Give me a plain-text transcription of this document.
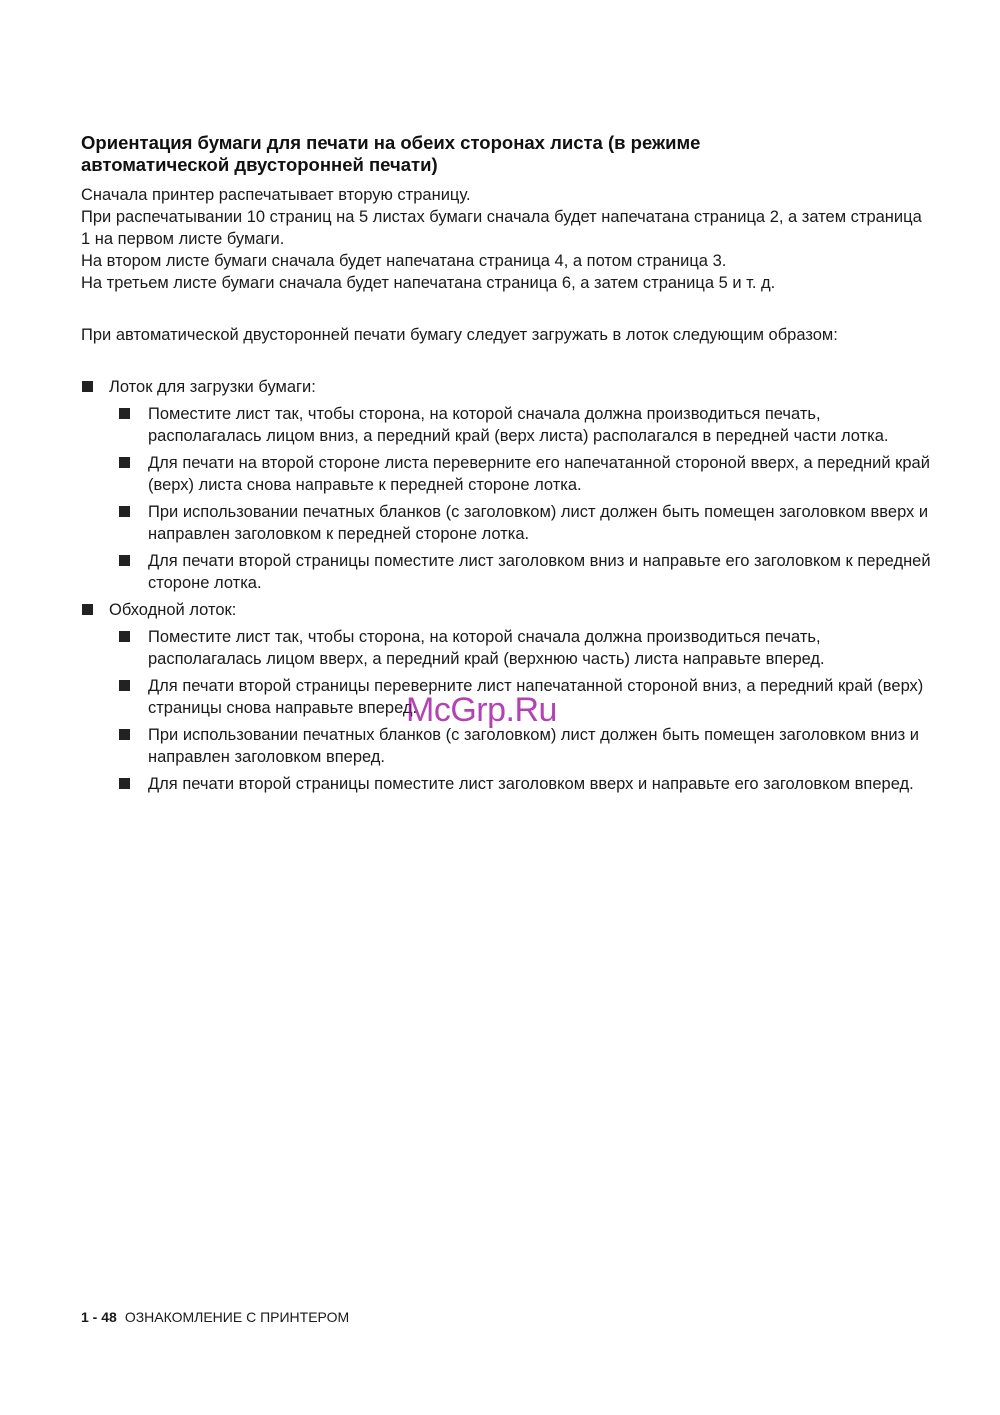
Ориентация бумаги для печати на обеих сторонах листа (в режиме
автоматической двусторонней печати)

Сначала принтер распечатывает вторую страницу.

При распечатывании 10 страниц на 5 листах бумаги сначала будет напечатана страница 2, а затем страница 1 на первом листе бумаги.

На втором листе бумаги сначала будет напечатана страница 4, а потом страница 3.

На третьем листе бумаги сначала будет напечатана страница 6, а затем страница 5 и т. д.

При автоматической двусторонней печати бумагу следует загружать в лоток следующим образом:

Лоток для загрузки бумаги:
Поместите лист так, чтобы сторона, на которой сначала должна производиться печать, располагалась лицом вниз, а передний край (верх листа) располагался в передней части лотка.
Для печати на второй стороне листа переверните его напечатанной стороной вверх, а передний край (верх) листа снова направьте к передней стороне лотка.
При использовании печатных бланков (с заголовком) лист должен быть помещен заголовком вверх и направлен заголовком к передней стороне лотка.
Для печати второй страницы поместите лист заголовком вниз и направьте его заголовком к передней стороне лотка.
Обходной лоток:
Поместите лист так, чтобы сторона, на которой сначала должна производиться печать, располагалась лицом вверх, а передний край (верхнюю часть) листа направьте вперед.
Для печати второй страницы переверните лист напечатанной стороной вниз, а передний край (верх) страницы снова направьте вперед.
При использовании печатных бланков (с заголовком) лист должен быть помещен заголовком вниз и направлен заголовком вперед.
Для печати второй страницы поместите лист заголовком вверх и направьте его заголовком вперед.
McGrp.Ru
1 - 48 ОЗНАКОМЛЕНИЕ С ПРИНТЕРОМ
